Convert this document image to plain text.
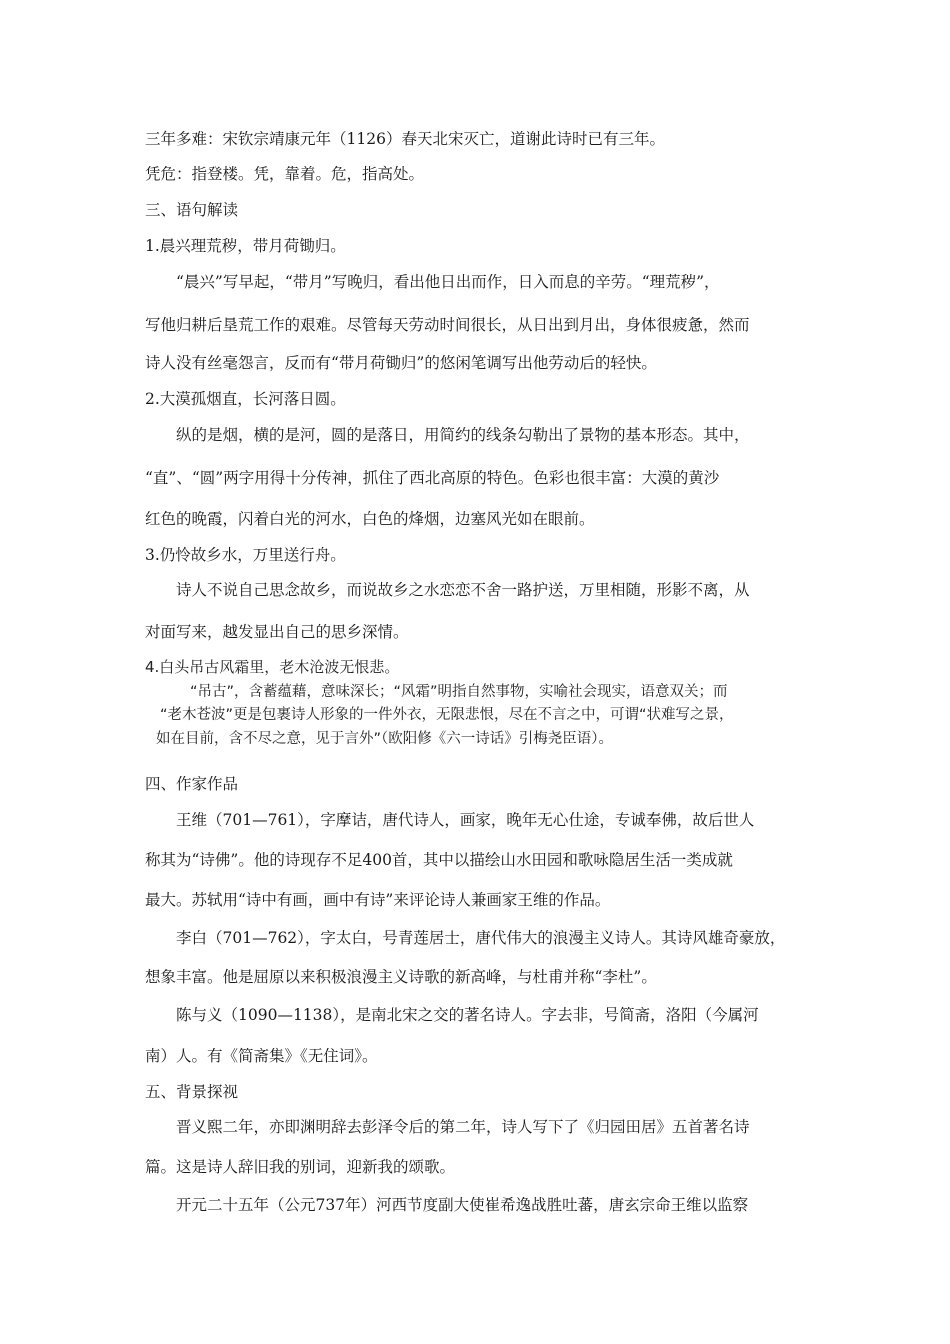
三年多难：宋钦宗靖康元年（1126）春天北宋灭亡，道谢此诗时已有三年。

凭危：指登楼。凭，靠着。危，指高处。

三、语句解读

1.晨兴理荒秽，带月荷锄归。

“晨兴”写早起，“带月”写晚归，看出他日出而作，日入而息的辛劳。“理荒秽”，

写他归耕后垦荒工作的艰难。尽管每天劳动时间很长，从日出到月出，身体很疲惫，然而

诗人没有丝毫怨言，反而有“带月荷锄归”的悠闲笔调写出他劳动后的轻快。

2.大漠孤烟直，长河落日圆。

纵的是烟，横的是河，圆的是落日，用简约的线条勾勒出了景物的基本形态。其中，

“直”、“圆”两字用得十分传神，抓住了西北高原的特色。色彩也很丰富：大漠的黄沙

红色的晚霞，闪着白光的河水，白色的烽烟，边塞风光如在眼前。

3.仍怜故乡水，万里送行舟。

诗人不说自己思念故乡，而说故乡之水恋恋不舍一路护送，万里相随，形影不离，从

对面写来，越发显出自己的思乡深情。

4.白头吊古风霜里，老木沧波无恨悲。

“吊古”，含蓄蕴藉，意味深长；“风霜”明指自然事物，实喻社会现实，语意双关；而

“老木苍波”更是包裹诗人形象的一件外衣，无限悲恨，尽在不言之中，可谓“状难写之景，

如在目前，含不尽之意，见于言外”（欧阳修《六一诗话》引梅尧臣语）。

四、作家作品

王维（701—761），字摩诘，唐代诗人，画家，晚年无心仕途，专诚奉佛，故后世人

称其为“诗佛”。他的诗现存不足400首，其中以描绘山水田园和歌咏隐居生活一类成就

最大。苏轼用“诗中有画，画中有诗”来评论诗人兼画家王维的作品。

李白（701—762），字太白，号青莲居士，唐代伟大的浪漫主义诗人。其诗风雄奇豪放，

想象丰富。他是屈原以来积极浪漫主义诗歌的新高峰，与杜甫并称“李杜”。

陈与义（1090—1138），是南北宋之交的著名诗人。字去非，号简斋，洛阳（今属河

南）人。有《简斋集》《无住词》。

五、背景探视

晋义熙二年，亦即渊明辞去彭泽令后的第二年，诗人写下了《归园田居》五首著名诗

篇。这是诗人辞旧我的别词，迎新我的颂歌。

开元二十五年（公元737年）河西节度副大使崔希逸战胜吐蕃，唐玄宗命王维以监察
